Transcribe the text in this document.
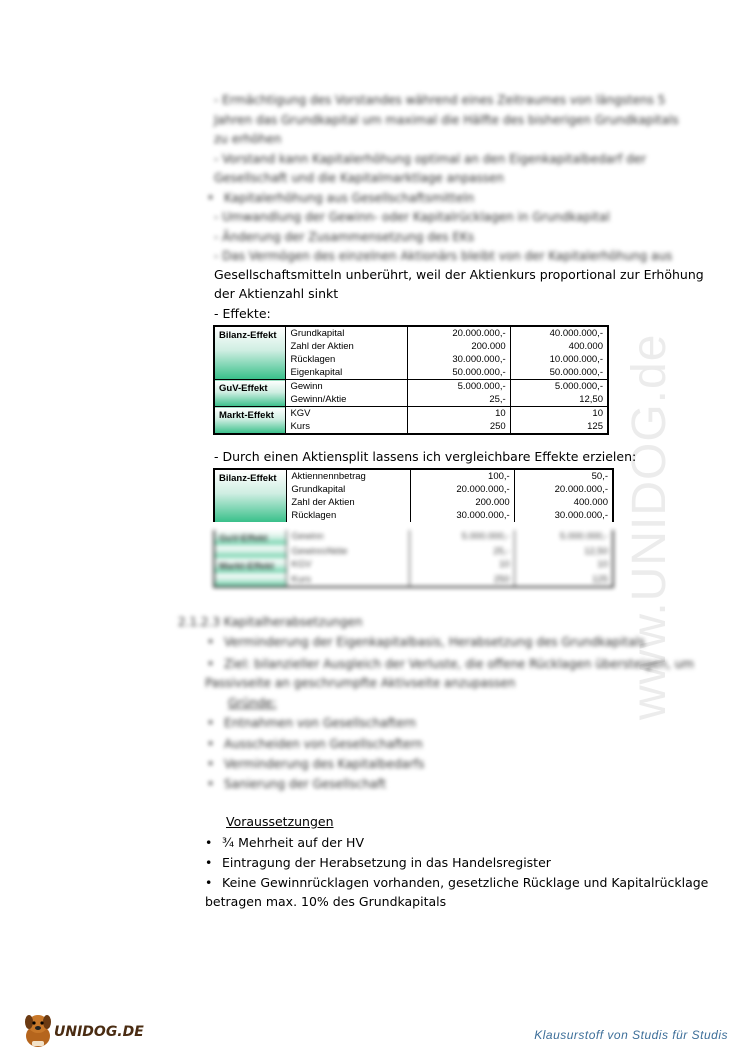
www.UNIDOG.de
- Ermächtigung des Vorstandes während eines Zeitraumes von längstens 5
Jahren das Grundkapital um maximal die Hälfte des bisherigen Grundkapitals
zu erhöhen
- Vorstand kann Kapitalerhöhung optimal an den Eigenkapitalbedarf der
Gesellschaft und die Kapitalmarktlage anpassen
• Kapitalerhöhung aus Gesellschaftsmitteln
- Umwandlung der Gewinn- oder Kapitalrücklagen in Grundkapital
- Änderung der Zusammensetzung des EKs
- Das Vermögen des einzelnen Aktionärs bleibt von der Kapitalerhöhung aus
Gesellschaftsmitteln unberührt, weil der Aktienkurs proportional zur Erhöhung
der Aktienzahl sinkt
- Effekte:
Bilanz-Effekt	Grundkapital	20.000.000,-	40.000.000,-
	Zahl der Aktien	200.000	400.000
	Rücklagen	30.000.000,-	10.000.000,-
	Eigenkapital	50.000.000,-	50.000.000,-
GuV-Effekt	Gewinn	5.000.000,-	5.000.000,-
	Gewinn/Aktie	25,-	12,50
Markt-Effekt	KGV	10	10
	Kurs	250	125
- Durch einen Aktiensplit lassens ich vergleichbare Effekte erzielen:
Bilanz-Effekt	Aktiennennbetrag	100,-	50,-
	Grundkapital	20.000.000,-	20.000.000,-
	Zahl der Aktien	200.000	400.000
	Rücklagen	30.000.000,-	30.000.000,-
GuV-Effekt	Gewinn	5.000.000,-	5.000.000,-
	Gewinn/Aktie	25,-	12,50
Markt-Effekt	KGV	10	10
	Kurs	250	125
2.1.2.3 Kapitalherabsetzungen
• Verminderung der Eigenkapitalbasis, Herabsetzung des Grundkapitals
• Ziel: bilanzieller Ausgleich der Verluste, die offene Rücklagen übersteigen, um
Passivseite an geschrumpfte Aktivseite anzupassen
Gründe:
• Entnahmen von Gesellschaftern
• Ausscheiden von Gesellschaftern
• Verminderung des Kapitalbedarfs
• Sanierung der Gesellschaft
Voraussetzungen
• ¾ Mehrheit auf der HV
• Eintragung der Herabsetzung in das Handelsregister
• Keine Gewinnrücklagen vorhanden, gesetzliche Rücklage und Kapitalrücklage
betragen max. 10% des Grundkapitals
UNIDOG.DE	Klausurstoff von Studis für Studis
